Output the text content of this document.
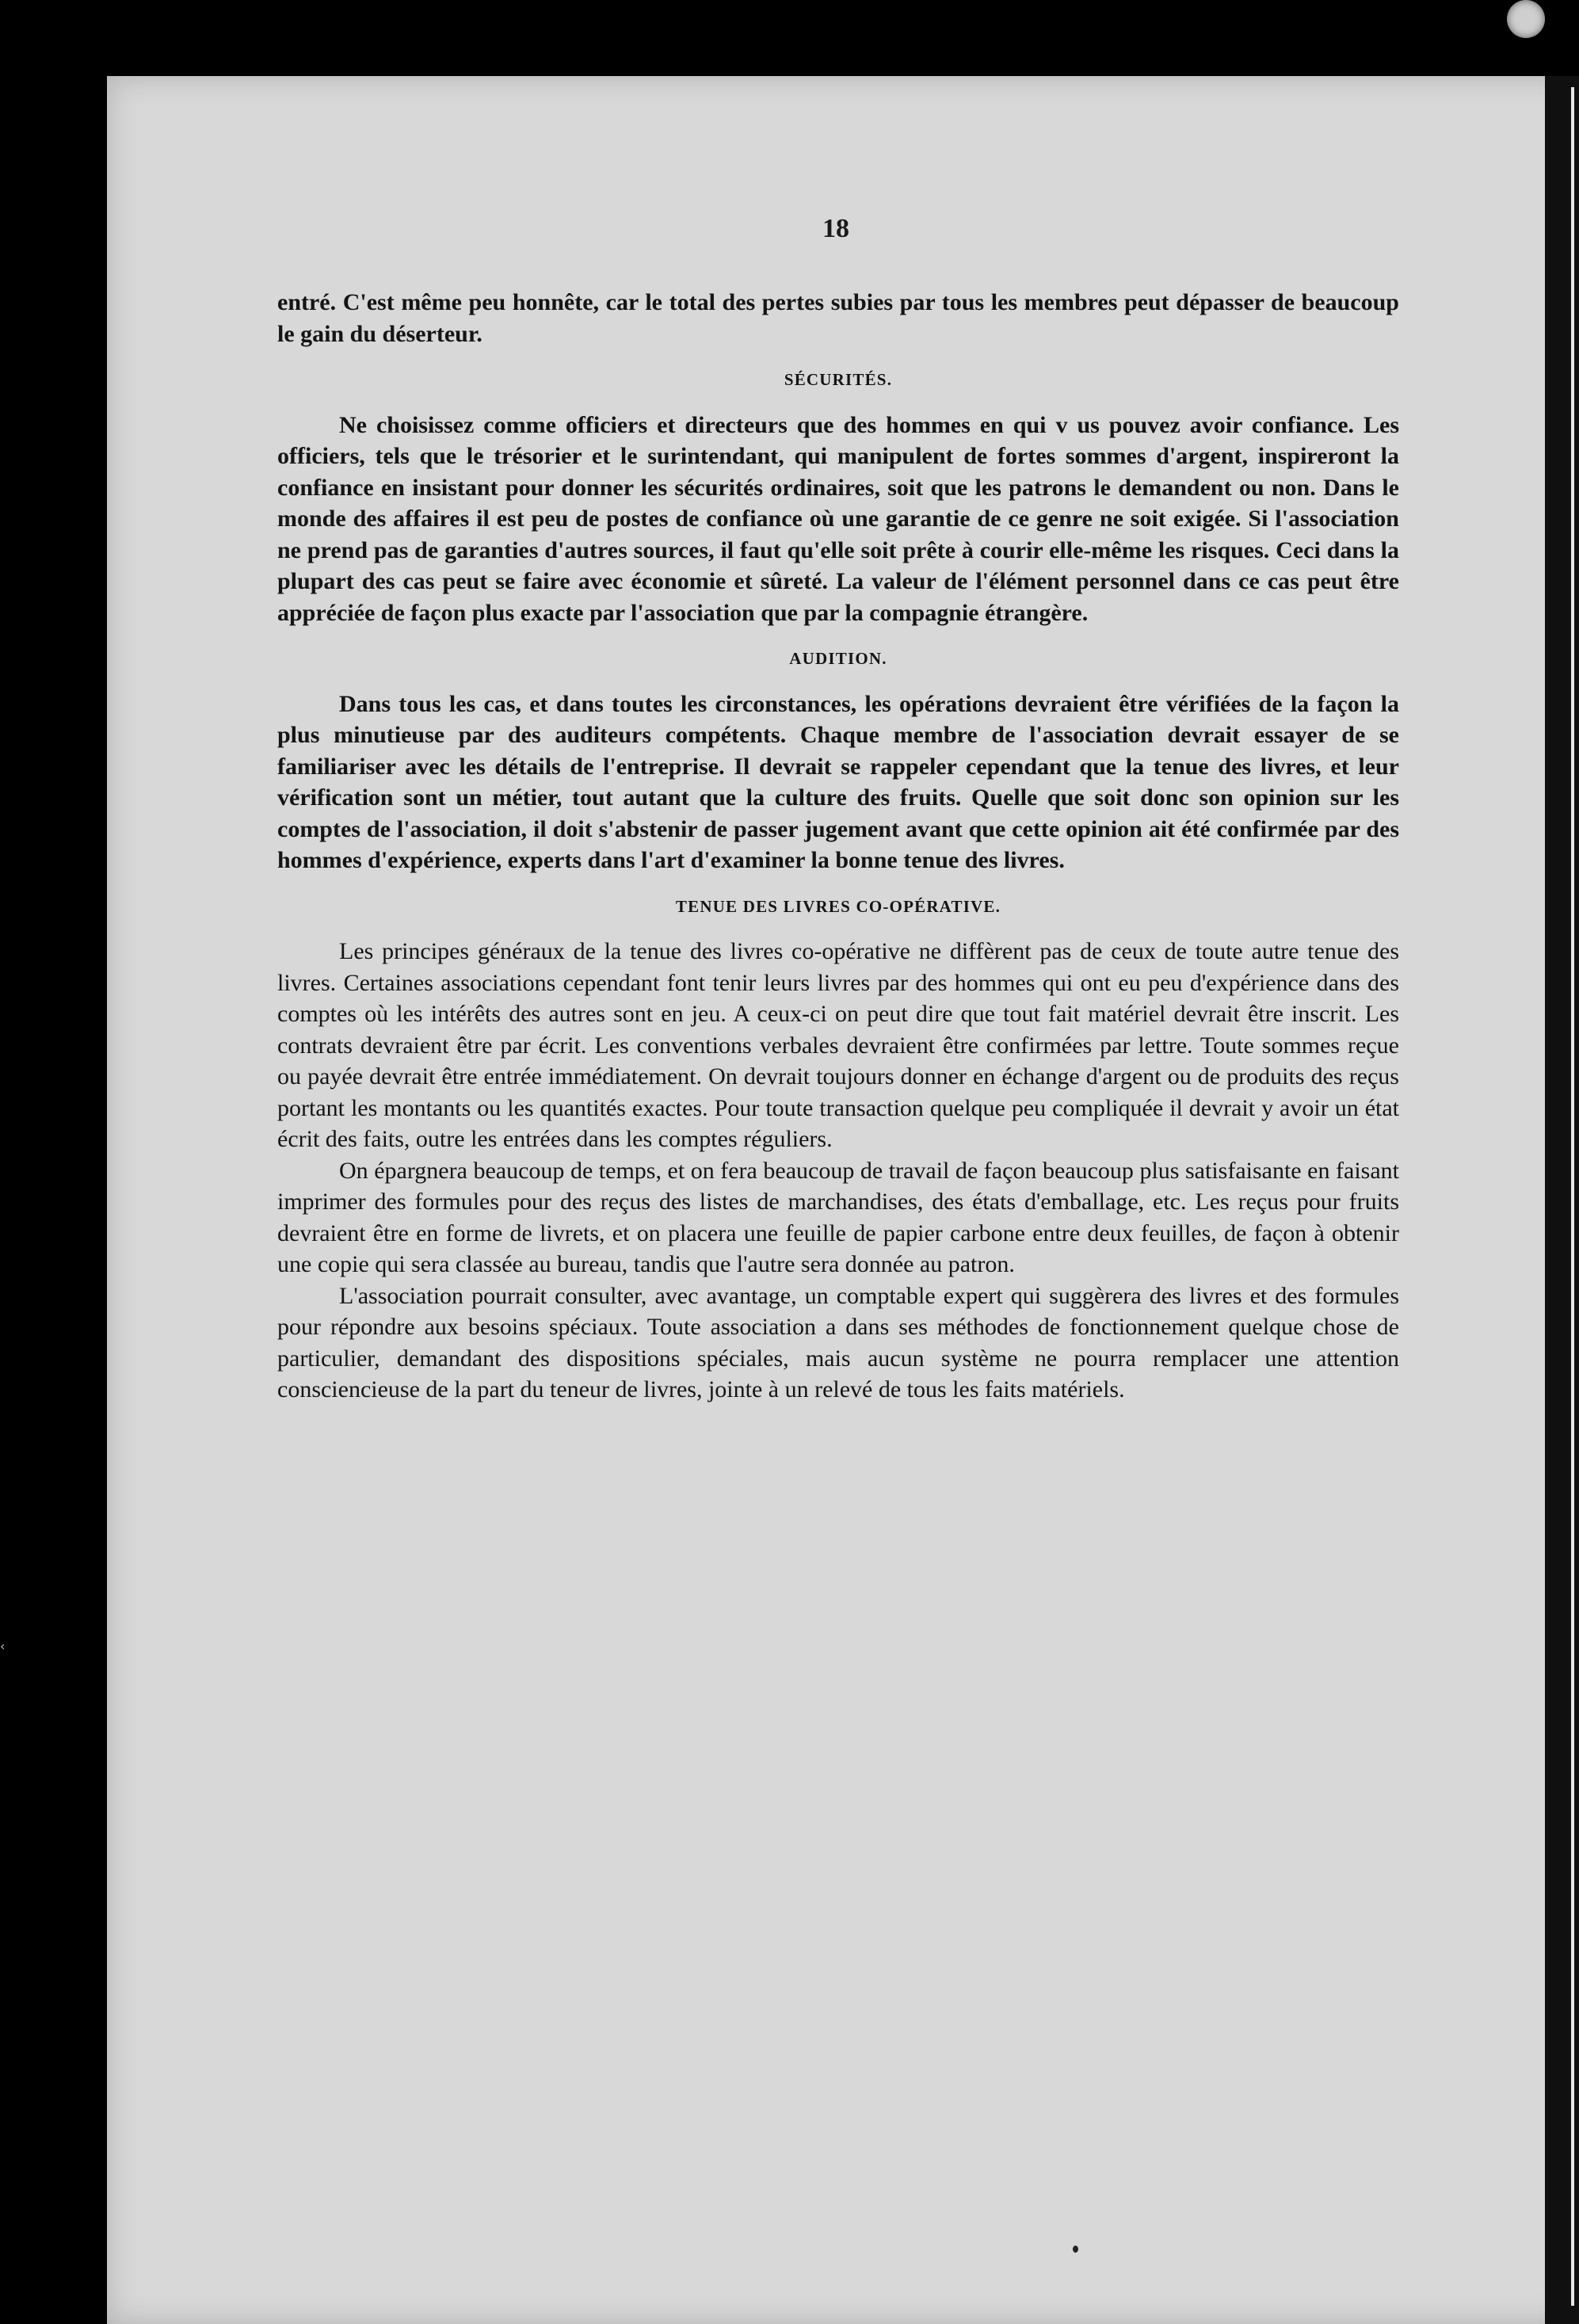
‹
18

entré. C'est même peu honnête, car le total des pertes subies par tous les membres peut dépasser de beaucoup le gain du déserteur.

SÉCURITÉS.

Ne choisissez comme officiers et directeurs que des hommes en qui v us pouvez avoir confiance. Les officiers, tels que le trésorier et le surintendant, qui manipulent de fortes sommes d'argent, inspireront la confiance en insistant pour donner les sécurités ordinaires, soit que les patrons le demandent ou non. Dans le monde des affaires il est peu de postes de confiance où une garantie de ce genre ne soit exigée. Si l'association ne prend pas de garanties d'autres sources, il faut qu'elle soit prête à courir elle-même les risques. Ceci dans la plupart des cas peut se faire avec économie et sûreté. La valeur de l'élément personnel dans ce cas peut être appréciée de façon plus exacte par l'association que par la compagnie étrangère.

AUDITION.

Dans tous les cas, et dans toutes les circonstances, les opérations devraient être vérifiées de la façon la plus minutieuse par des auditeurs compétents. Chaque membre de l'association devrait essayer de se familiariser avec les détails de l'entreprise. Il devrait se rappeler cependant que la tenue des livres, et leur vérification sont un métier, tout autant que la culture des fruits. Quelle que soit donc son opinion sur les comptes de l'association, il doit s'abstenir de passer jugement avant que cette opinion ait été confirmée par des hommes d'expérience, experts dans l'art d'examiner la bonne tenue des livres.

TENUE DES LIVRES CO-OPÉRATIVE.

Les principes généraux de la tenue des livres co-opérative ne diffèrent pas de ceux de toute autre tenue des livres. Certaines associations cependant font tenir leurs livres par des hommes qui ont eu peu d'expérience dans des comptes où les intérêts des autres sont en jeu. A ceux-ci on peut dire que tout fait matériel devrait être inscrit. Les contrats devraient être par écrit. Les conventions verbales devraient être confirmées par lettre. Toute sommes reçue ou payée devrait être entrée immédiatement. On devrait toujours donner en échange d'argent ou de produits des reçus portant les montants ou les quantités exactes. Pour toute transaction quelque peu compliquée il devrait y avoir un état écrit des faits, outre les entrées dans les comptes réguliers.

On épargnera beaucoup de temps, et on fera beaucoup de travail de façon beaucoup plus satisfaisante en faisant imprimer des formules pour des reçus des listes de marchandises, des états d'emballage, etc. Les reçus pour fruits devraient être en forme de livrets, et on placera une feuille de papier carbone entre deux feuilles, de façon à obtenir une copie qui sera classée au bureau, tandis que l'autre sera donnée au patron.

L'association pourrait consulter, avec avantage, un comptable expert qui suggèrera des livres et des formules pour répondre aux besoins spéciaux. Toute association a dans ses méthodes de fonctionnement quelque chose de particulier, demandant des dispositions spéciales, mais aucun système ne pourra remplacer une attention consciencieuse de la part du teneur de livres, jointe à un relevé de tous les faits matériels.
